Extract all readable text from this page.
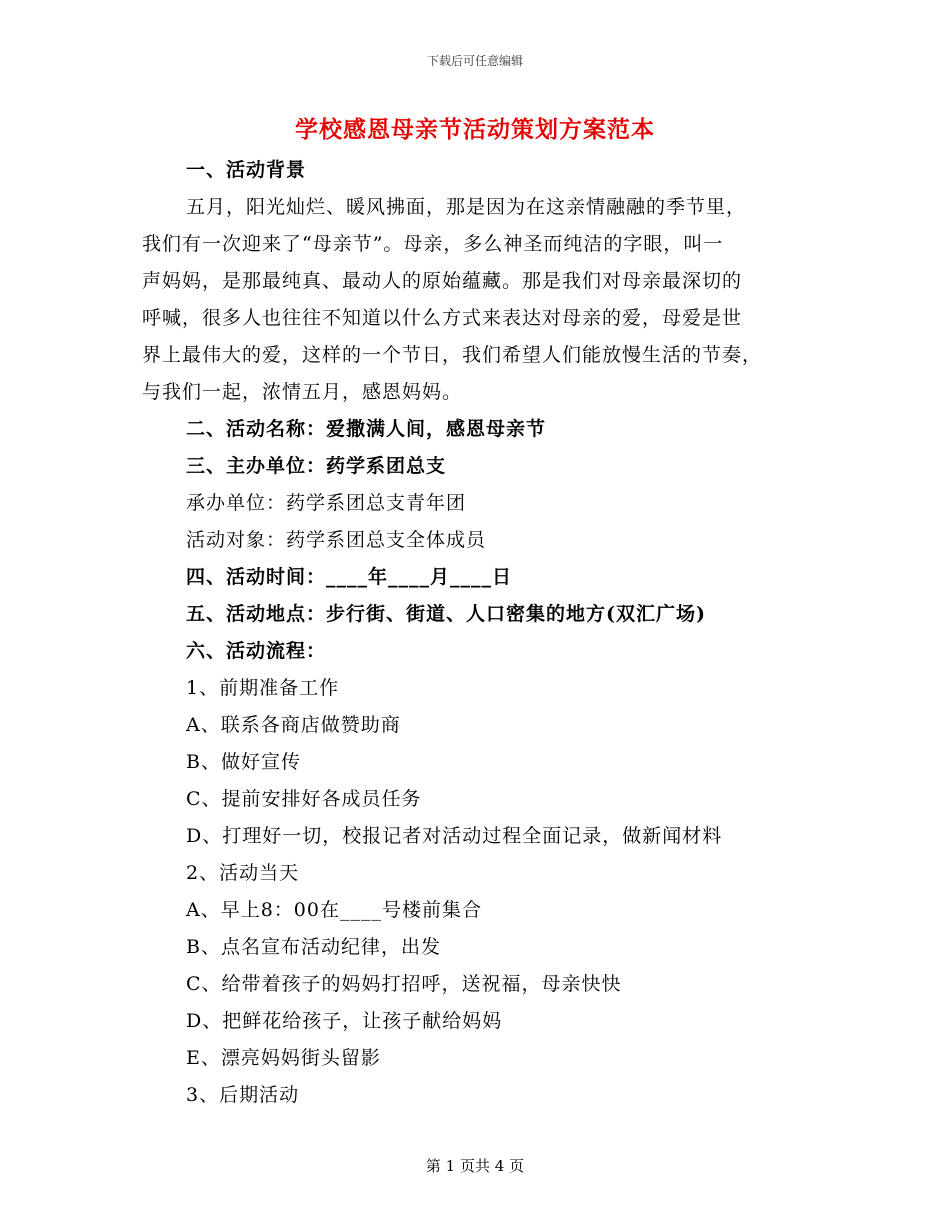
下载后可任意编辑
学校感恩母亲节活动策划方案范本
一、活动背景
五月，阳光灿烂、暖风拂面，那是因为在这亲情融融的季节里，
我们有一次迎来了“母亲节”。母亲，多么神圣而纯洁的字眼，叫一
声妈妈，是那最纯真、最动人的原始蕴藏。那是我们对母亲最深切的
呼喊，很多人也往往不知道以什么方式来表达对母亲的爱，母爱是世
界上最伟大的爱，这样的一个节日，我们希望人们能放慢生活的节奏，
与我们一起，浓情五月，感恩妈妈。
二、活动名称：爱撒满人间，感恩母亲节
三、主办单位：药学系团总支
承办单位：药学系团总支青年团
活动对象：药学系团总支全体成员
四、活动时间：____年____月____日
五、活动地点：步行街、街道、人口密集的地方(双汇广场)
六、活动流程：
1、前期准备工作
A、联系各商店做赞助商
B、做好宣传
C、提前安排好各成员任务
D、打理好一切，校报记者对活动过程全面记录，做新闻材料
2、活动当天
A、早上8：00在____号楼前集合
B、点名宣布活动纪律，出发
C、给带着孩子的妈妈打招呼，送祝福，母亲快快
D、把鲜花给孩子，让孩子献给妈妈
E、漂亮妈妈街头留影
3、后期活动
第 1 页共 4 页
